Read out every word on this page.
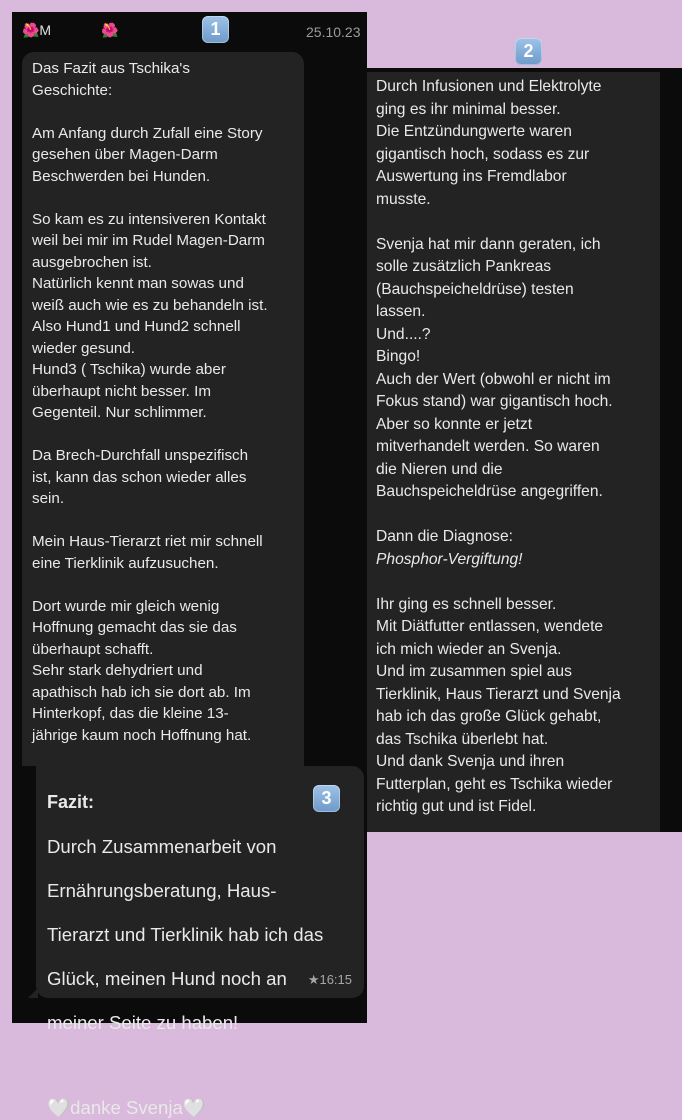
🌺M	🌺	1	25.10.23

Das Fazit aus Tschika's

Geschichte:

Am Anfang durch Zufall eine Story

gesehen über Magen-Darm

Beschwerden bei Hunden.

So kam es zu intensiveren Kontakt

weil bei mir im Rudel Magen-Darm

ausgebrochen ist.

Natürlich kennt man sowas und

weiß auch wie es zu behandeln ist.

Also Hund1 und Hund2 schnell

wieder gesund.

Hund3 ( Tschika) wurde aber

überhaupt nicht besser. Im

Gegenteil. Nur schlimmer.

Da Brech-Durchfall unspezifisch

ist, kann das schon wieder alles

sein.

Mein Haus-Tierarzt riet mir schnell

eine Tierklinik aufzusuchen.

Dort wurde mir gleich wenig

Hoffnung gemacht das sie das

überhaupt schafft.

Sehr stark dehydriert und

apathisch hab ich sie dort ab. Im

Hinterkopf, das die kleine 13-

jährige kaum noch Hoffnung hat.

Fazit:

Durch Zusammenarbeit von

Ernährungsberatung, Haus-

Tierarzt und Tierklinik hab ich das

Glück, meinen Hund noch an

meiner Seite zu haben!

🤍danke Svenja🤍

★16:15
3
2

Durch Infusionen und Elektrolyte

ging es ihr minimal besser.

Die Entzündungwerte waren

gigantisch hoch, sodass es zur

Auswertung ins Fremdlabor

musste.

Svenja hat mir dann geraten, ich

solle zusätzlich Pankreas

(Bauchspeicheldrüse) testen

lassen.

Und....?

Bingo!

Auch der Wert (obwohl er nicht im

Fokus stand) war gigantisch hoch.

Aber so konnte er jetzt

mitverhandelt werden. So waren

die Nieren und die

Bauchspeicheldrüse angegriffen.

Dann die Diagnose:

Phosphor-Vergiftung!

Ihr ging es schnell besser.

Mit Diätfutter entlassen, wendete

ich mich wieder an Svenja.

Und im zusammen spiel aus

Tierklinik, Haus Tierarzt und Svenja

hab ich das große Glück gehabt,

das Tschika überlebt hat.

Und dank Svenja und ihren

Futterplan, geht es Tschika wieder

richtig gut und ist Fidel.
